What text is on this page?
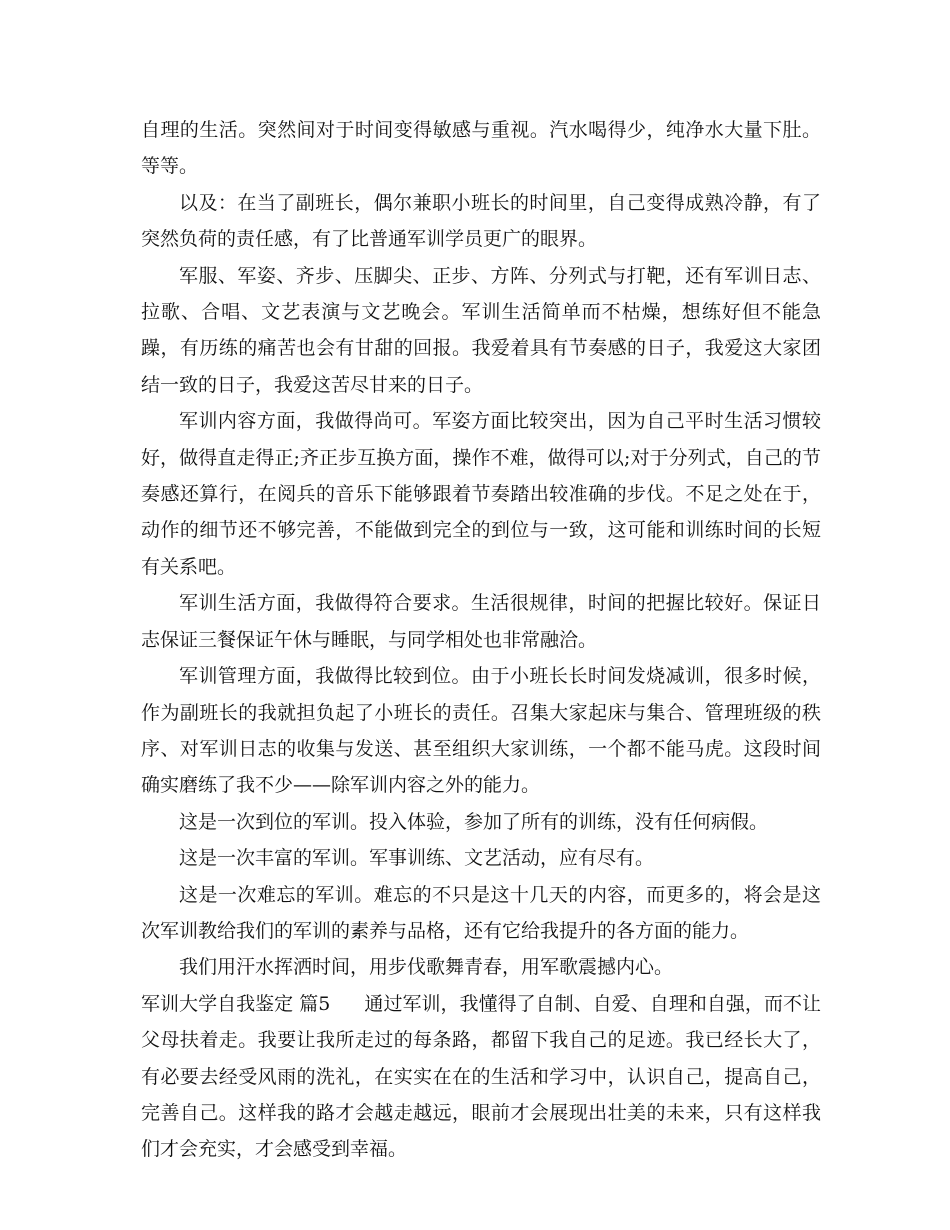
自理的生活。突然间对于时间变得敏感与重视。汽水喝得少，纯净水大量下肚。等等。

以及：在当了副班长，偶尔兼职小班长的时间里，自己变得成熟冷静，有了突然负荷的责任感，有了比普通军训学员更广的眼界。

军服、军姿、齐步、压脚尖、正步、方阵、分列式与打靶，还有军训日志、拉歌、合唱、文艺表演与文艺晚会。军训生活简单而不枯燥，想练好但不能急躁，有历练的痛苦也会有甘甜的回报。我爱着具有节奏感的日子，我爱这大家团结一致的日子，我爱这苦尽甘来的日子。

军训内容方面，我做得尚可。军姿方面比较突出，因为自己平时生活习惯较好，做得直走得正;齐正步互换方面，操作不难，做得可以;对于分列式，自己的节奏感还算行，在阅兵的音乐下能够跟着节奏踏出较准确的步伐。不足之处在于，动作的细节还不够完善，不能做到完全的到位与一致，这可能和训练时间的长短有关系吧。

军训生活方面，我做得符合要求。生活很规律，时间的把握比较好。保证日志保证三餐保证午休与睡眠，与同学相处也非常融洽。

军训管理方面，我做得比较到位。由于小班长长时间发烧减训，很多时候，作为副班长的我就担负起了小班长的责任。召集大家起床与集合、管理班级的秩序、对军训日志的收集与发送、甚至组织大家训练，一个都不能马虎。这段时间确实磨练了我不少——除军训内容之外的能力。

这是一次到位的军训。投入体验，参加了所有的训练，没有任何病假。

这是一次丰富的军训。军事训练、文艺活动，应有尽有。

这是一次难忘的军训。难忘的不只是这十几天的内容，而更多的，将会是这次军训教给我们的军训的素养与品格，还有它给我提升的各方面的能力。

我们用汗水挥洒时间，用步伐歌舞青春，用军歌震撼内心。

军训大学自我鉴定 篇5 通过军训，我懂得了自制、自爱、自理和自强，而不让父母扶着走。我要让我所走过的每条路，都留下我自己的足迹。我已经长大了，有必要去经受风雨的洗礼，在实实在在的生活和学习中，认识自己，提高自己，完善自己。这样我的路才会越走越远，眼前才会展现出壮美的未来，只有这样我们才会充实，才会感受到幸福。
